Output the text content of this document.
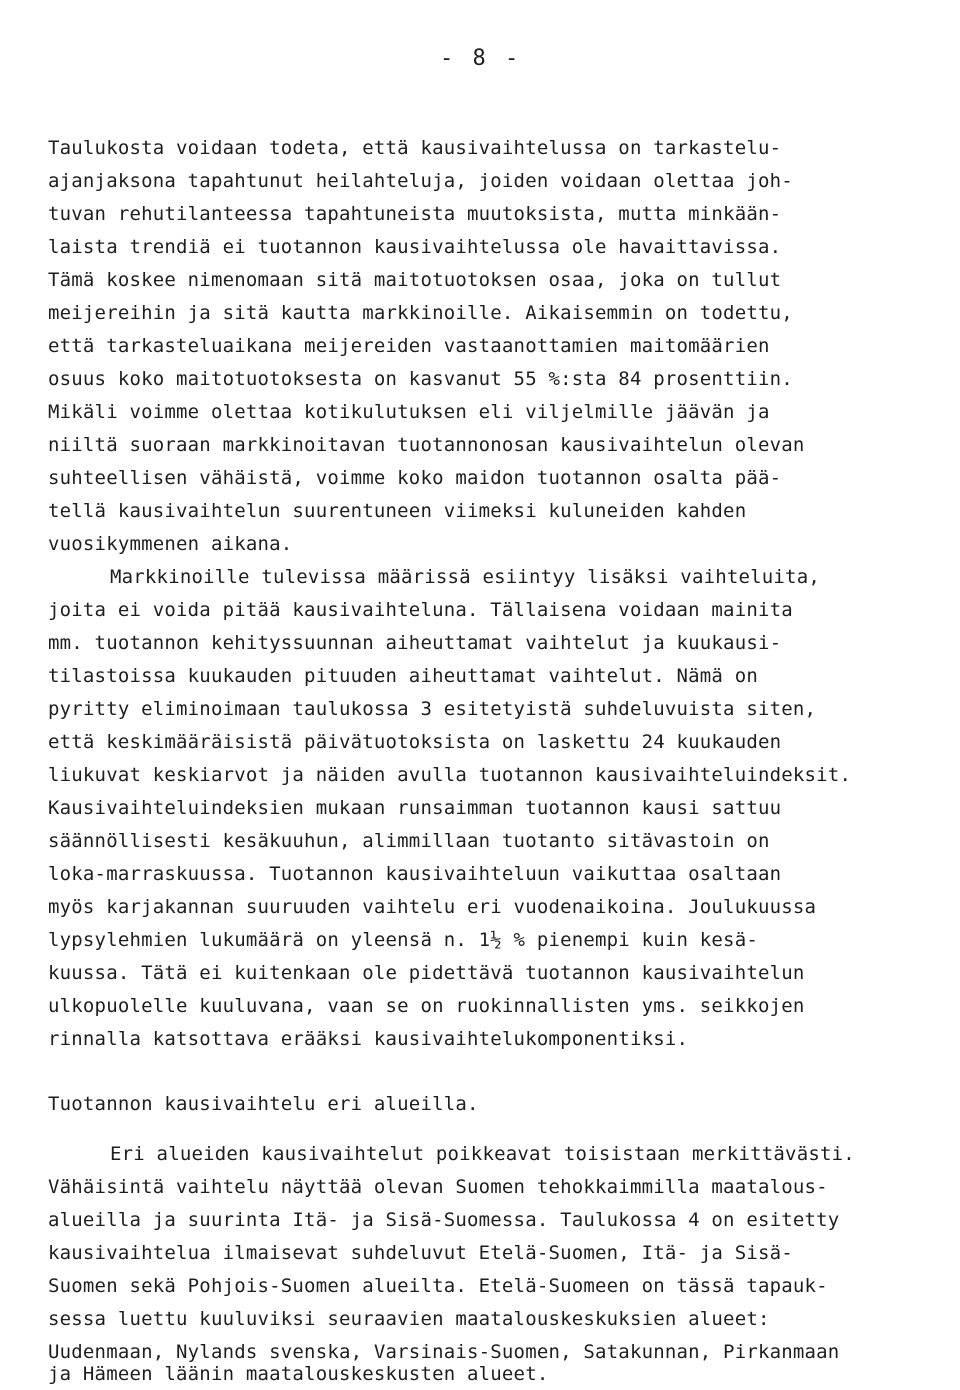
- 8 -
Taulukosta voidaan todeta, että kausivaihtelussa on tarkastelu-
ajanjaksona tapahtunut heilahteluja, joiden voidaan olettaa joh-
tuvan rehutilanteessa tapahtuneista muutoksista, mutta minkään-
laista trendiä ei tuotannon kausivaihtelussa ole havaittavissa.
Tämä koskee nimenomaan sitä maitotuotoksen osaa, joka on tullut
meijereihin ja sitä kautta markkinoille. Aikaisemmin on todettu,
että tarkasteluaikana meijereiden vastaanottamien maitomäärien
osuus koko maitotuotoksesta on kasvanut 55 %:sta 84 prosenttiin.
Mikäli voimme olettaa kotikulutuksen eli viljelmille jäävän ja
niiltä suoraan markkinoitavan tuotannonosan kausivaihtelun olevan
suhteellisen vähäistä, voimme koko maidon tuotannon osalta pää-
tellä kausivaihtelun suurentuneen viimeksi kuluneiden kahden
vuosikymmenen aikana.
Markkinoille tulevissa määrissä esiintyy lisäksi vaihteluita,
joita ei voida pitää kausivaihteluna. Tällaisena voidaan mainita
mm. tuotannon kehityssuunnan aiheuttamat vaihtelut ja kuukausi-
tilastoissa kuukauden pituuden aiheuttamat vaihtelut. Nämä on
pyritty eliminoimaan taulukossa 3 esitetyistä suhdeluvuista siten,
että keskimääräisistä päivätuotoksista on laskettu 24 kuukauden
liukuvat keskiarvot ja näiden avulla tuotannon kausivaihteluindeksit.
Kausivaihteluindeksien mukaan runsaimman tuotannon kausi sattuu
säännöllisesti kesäkuuhun, alimmillaan tuotanto sitävastoin on
loka-marraskuussa. Tuotannon kausivaihteluun vaikuttaa osaltaan
myös karjakannan suuruuden vaihtelu eri vuodenaikoina. Joulukuussa
lypsylehmien lukumäärä on yleensä n. 1½ % pienempi kuin kesä-
kuussa. Tätä ei kuitenkaan ole pidettävä tuotannon kausivaihtelun
ulkopuolelle kuuluvana, vaan se on ruokinnallisten yms. seikkojen
rinnalla katsottava erääksi kausivaihtelukomponentiksi.
Tuotannon kausivaihtelu eri alueilla.
Eri alueiden kausivaihtelut poikkeavat toisistaan merkittävästi.
Vähäisintä vaihtelu näyttää olevan Suomen tehokkaimmilla maatalous-
alueilla ja suurinta Itä- ja Sisä-Suomessa. Taulukossa 4 on esitetty
kausivaihtelua ilmaisevat suhdeluvut Etelä-Suomen, Itä- ja Sisä-
Suomen sekä Pohjois-Suomen alueilta. Etelä-Suomeen on tässä tapauk-
sessa luettu kuuluviksi seuraavien maatalouskeskuksien alueet:
Uudenmaan, Nylands svenska, Varsinais-Suomen, Satakunnan, Pirkanmaan
ja Hämeen läänin maatalouskeskusten alueet.
